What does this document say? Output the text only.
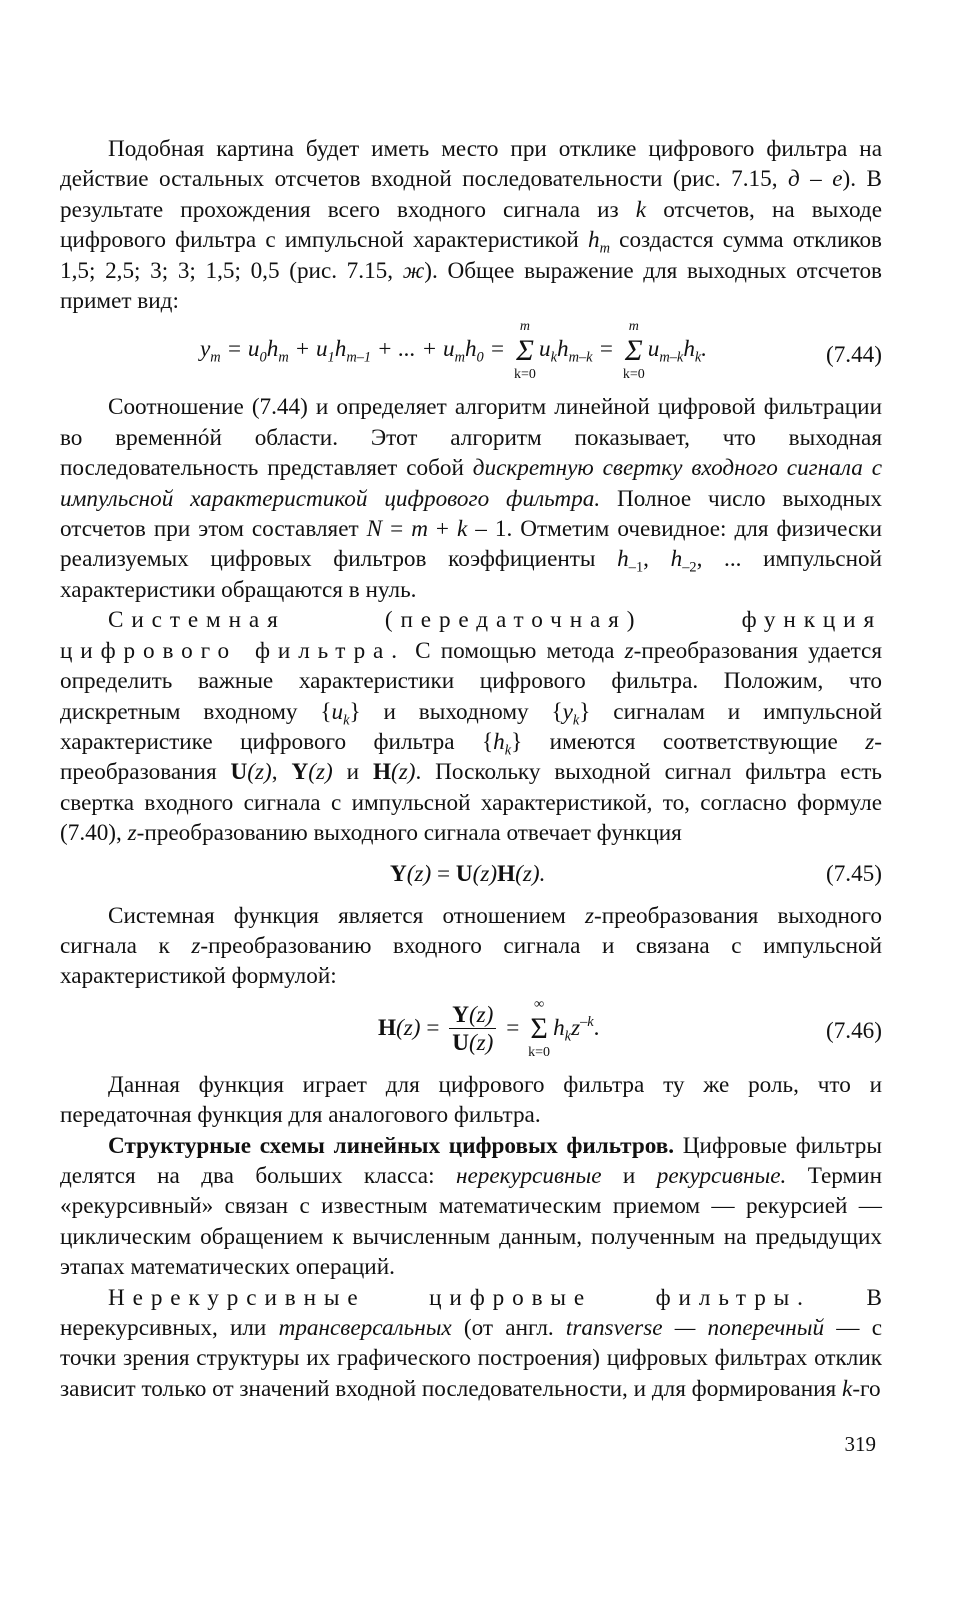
Подобная картина будет иметь место при отклике цифрового фильтра на действие остальных отсчетов входной последовательности (рис. 7.15, д – е). В результате прохождения всего входного сигнала из k отсчетов, на выходе цифрового фильтра с импульсной характеристикой $h_m$ создастся сумма откликов 1,5; 2,5; 3; 3; 1,5; 0,5 (рис. 7.15, ж). Общее выражение для выходных отсчетов примет вид:

$y_m = u_0h_m + u_1h_{m-1}$ + ... + $u_mh_0$ =
m
Σ
k=0
$u_kh_{m-k}$ =
m
Σ
k=0
$u_{m-k}h_k$.	(7.44)

Соотношение (7.44) и определяет алгоритм линейной цифровой фильтрации во временнóй области. Этот алгоритм показывает, что выходная последовательность представляет собой дискретную свертку входного сигнала с импульсной характеристикой цифрового фильтра. Полное число выходных отсчетов при этом составляет N = m + k – 1. Отметим очевидное: для физически реализуемых цифровых фильтров коэффициенты $h_{-1}$, $h_{-2}$, ... импульсной характеристики обращаются в нуль.

Системная (передаточная) функция цифрового фильтра. С помощью метода z-преобразования удается определить важные характеристики цифрового фильтра. Положим, что дискретным входному $\{u_k\}$ и выходному $\{y_k\}$ сигналам и импульсной характеристике цифрового фильтра $\{h_k\}$ имеются соответствующие z-преобразования U(z), Y(z) и H(z). Поскольку выходной сигнал фильтра есть свертка входного сигнала с импульсной характеристикой, то, согласно формуле (7.40), z-преобразованию выходного сигнала отвечает функция

Y(z) = U(z)H(z).	(7.45)

Системная функция является отношением z-преобразования выходного сигнала к z-преобразованию входного сигнала и связана с импульсной характеристикой формулой:

$H(z) = \frac{Y(z)}{U(z)}$ =
∞
Σ
k=0
$h_kz^{-k}$.	(7.46)

Данная функция играет для цифрового фильтра ту же роль, что и передаточная функция для аналогового фильтра.

Структурные схемы линейных цифровых фильтров. Цифровые фильтры делятся на два больших класса: нерекурсивные и рекурсивные. Термин «рекурсивный» связан с известным математическим приемом — рекурсией — циклическим обращением к вычисленным данным, полученным на предыдущих этапах математических операций.

Нерекурсивные цифровые фильтры. В нерекурсивных, или трансверсальных (от англ. transverse — поперечный — с точки зрения структуры их графического построения) цифровых фильтрах отклик зависит только от значений входной последовательности, и для формирования k-го

319
